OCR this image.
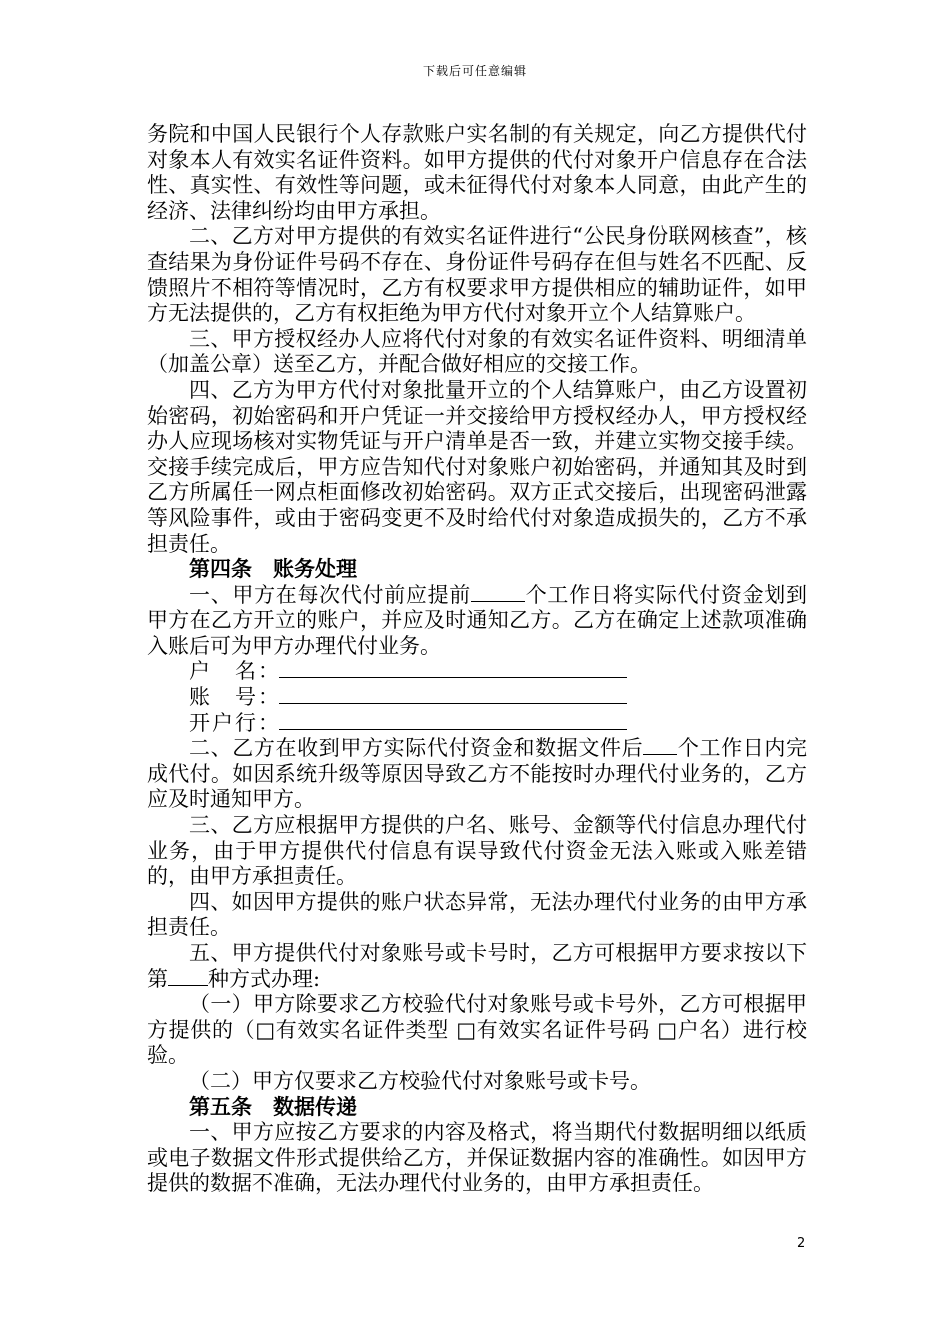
下载后可任意编辑

务院和中国人民银行个人存款账户实名制的有关规定，向乙方提供代付对象本人有效实名证件资料。如甲方提供的代付对象开户信息存在合法性、真实性、有效性等问题，或未征得代付对象本人同意，由此产生的经济、法律纠纷均由甲方承担。

二、乙方对甲方提供的有效实名证件进行“公民身份联网核查”，核查结果为身份证件号码不存在、身份证件号码存在但与姓名不匹配、反馈照片不相符等情况时，乙方有权要求甲方提供相应的辅助证件，如甲方无法提供的，乙方有权拒绝为甲方代付对象开立个人结算账户。

三、甲方授权经办人应将代付对象的有效实名证件资料、明细清单（加盖公章）送至乙方，并配合做好相应的交接工作。

四、乙方为甲方代付对象批量开立的个人结算账户，由乙方设置初始密码，初始密码和开户凭证一并交接给甲方授权经办人，甲方授权经办人应现场核对实物凭证与开户清单是否一致，并建立实物交接手续。交接手续完成后，甲方应告知代付对象账户初始密码，并通知其及时到乙方所属任一网点柜面修改初始密码。双方正式交接后，出现密码泄露等风险事件，或由于密码变更不及时给代付对象造成损失的，乙方不承担责任。

第四条　账务处理

一、甲方在每次代付前应提前	个工作日将实际代付资金划到甲方在乙方开立的账户，并应及时通知乙方。乙方在确定上述款项准确入账后可为甲方办理代付业务。

户　名：

账　号：

开户行：

二、乙方在收到甲方实际代付资金和数据文件后 个工作日内完成代付。如因系统升级等原因导致乙方不能按时办理代付业务的，乙方应及时通知甲方。

三、乙方应根据甲方提供的户名、账号、金额等代付信息办理代付业务，由于甲方提供代付信息有误导致代付资金无法入账或入账差错的，由甲方承担责任。

四、如因甲方提供的账户状态异常，无法办理代付业务的由甲方承担责任。

五、甲方提供代付对象账号或卡号时，乙方可根据甲方要求按以下第 种方式办理:

（一）甲方除要求乙方校验代付对象账号或卡号外，乙方可根据甲方提供的（□有效实名证件类型 □有效实名证件号码 □户名）进行校验。

（二）甲方仅要求乙方校验代付对象账号或卡号。

第五条　数据传递

一、甲方应按乙方要求的内容及格式，将当期代付数据明细以纸质或电子数据文件形式提供给乙方，并保证数据内容的准确性。如因甲方提供的数据不准确，无法办理代付业务的，由甲方承担责任。

2
